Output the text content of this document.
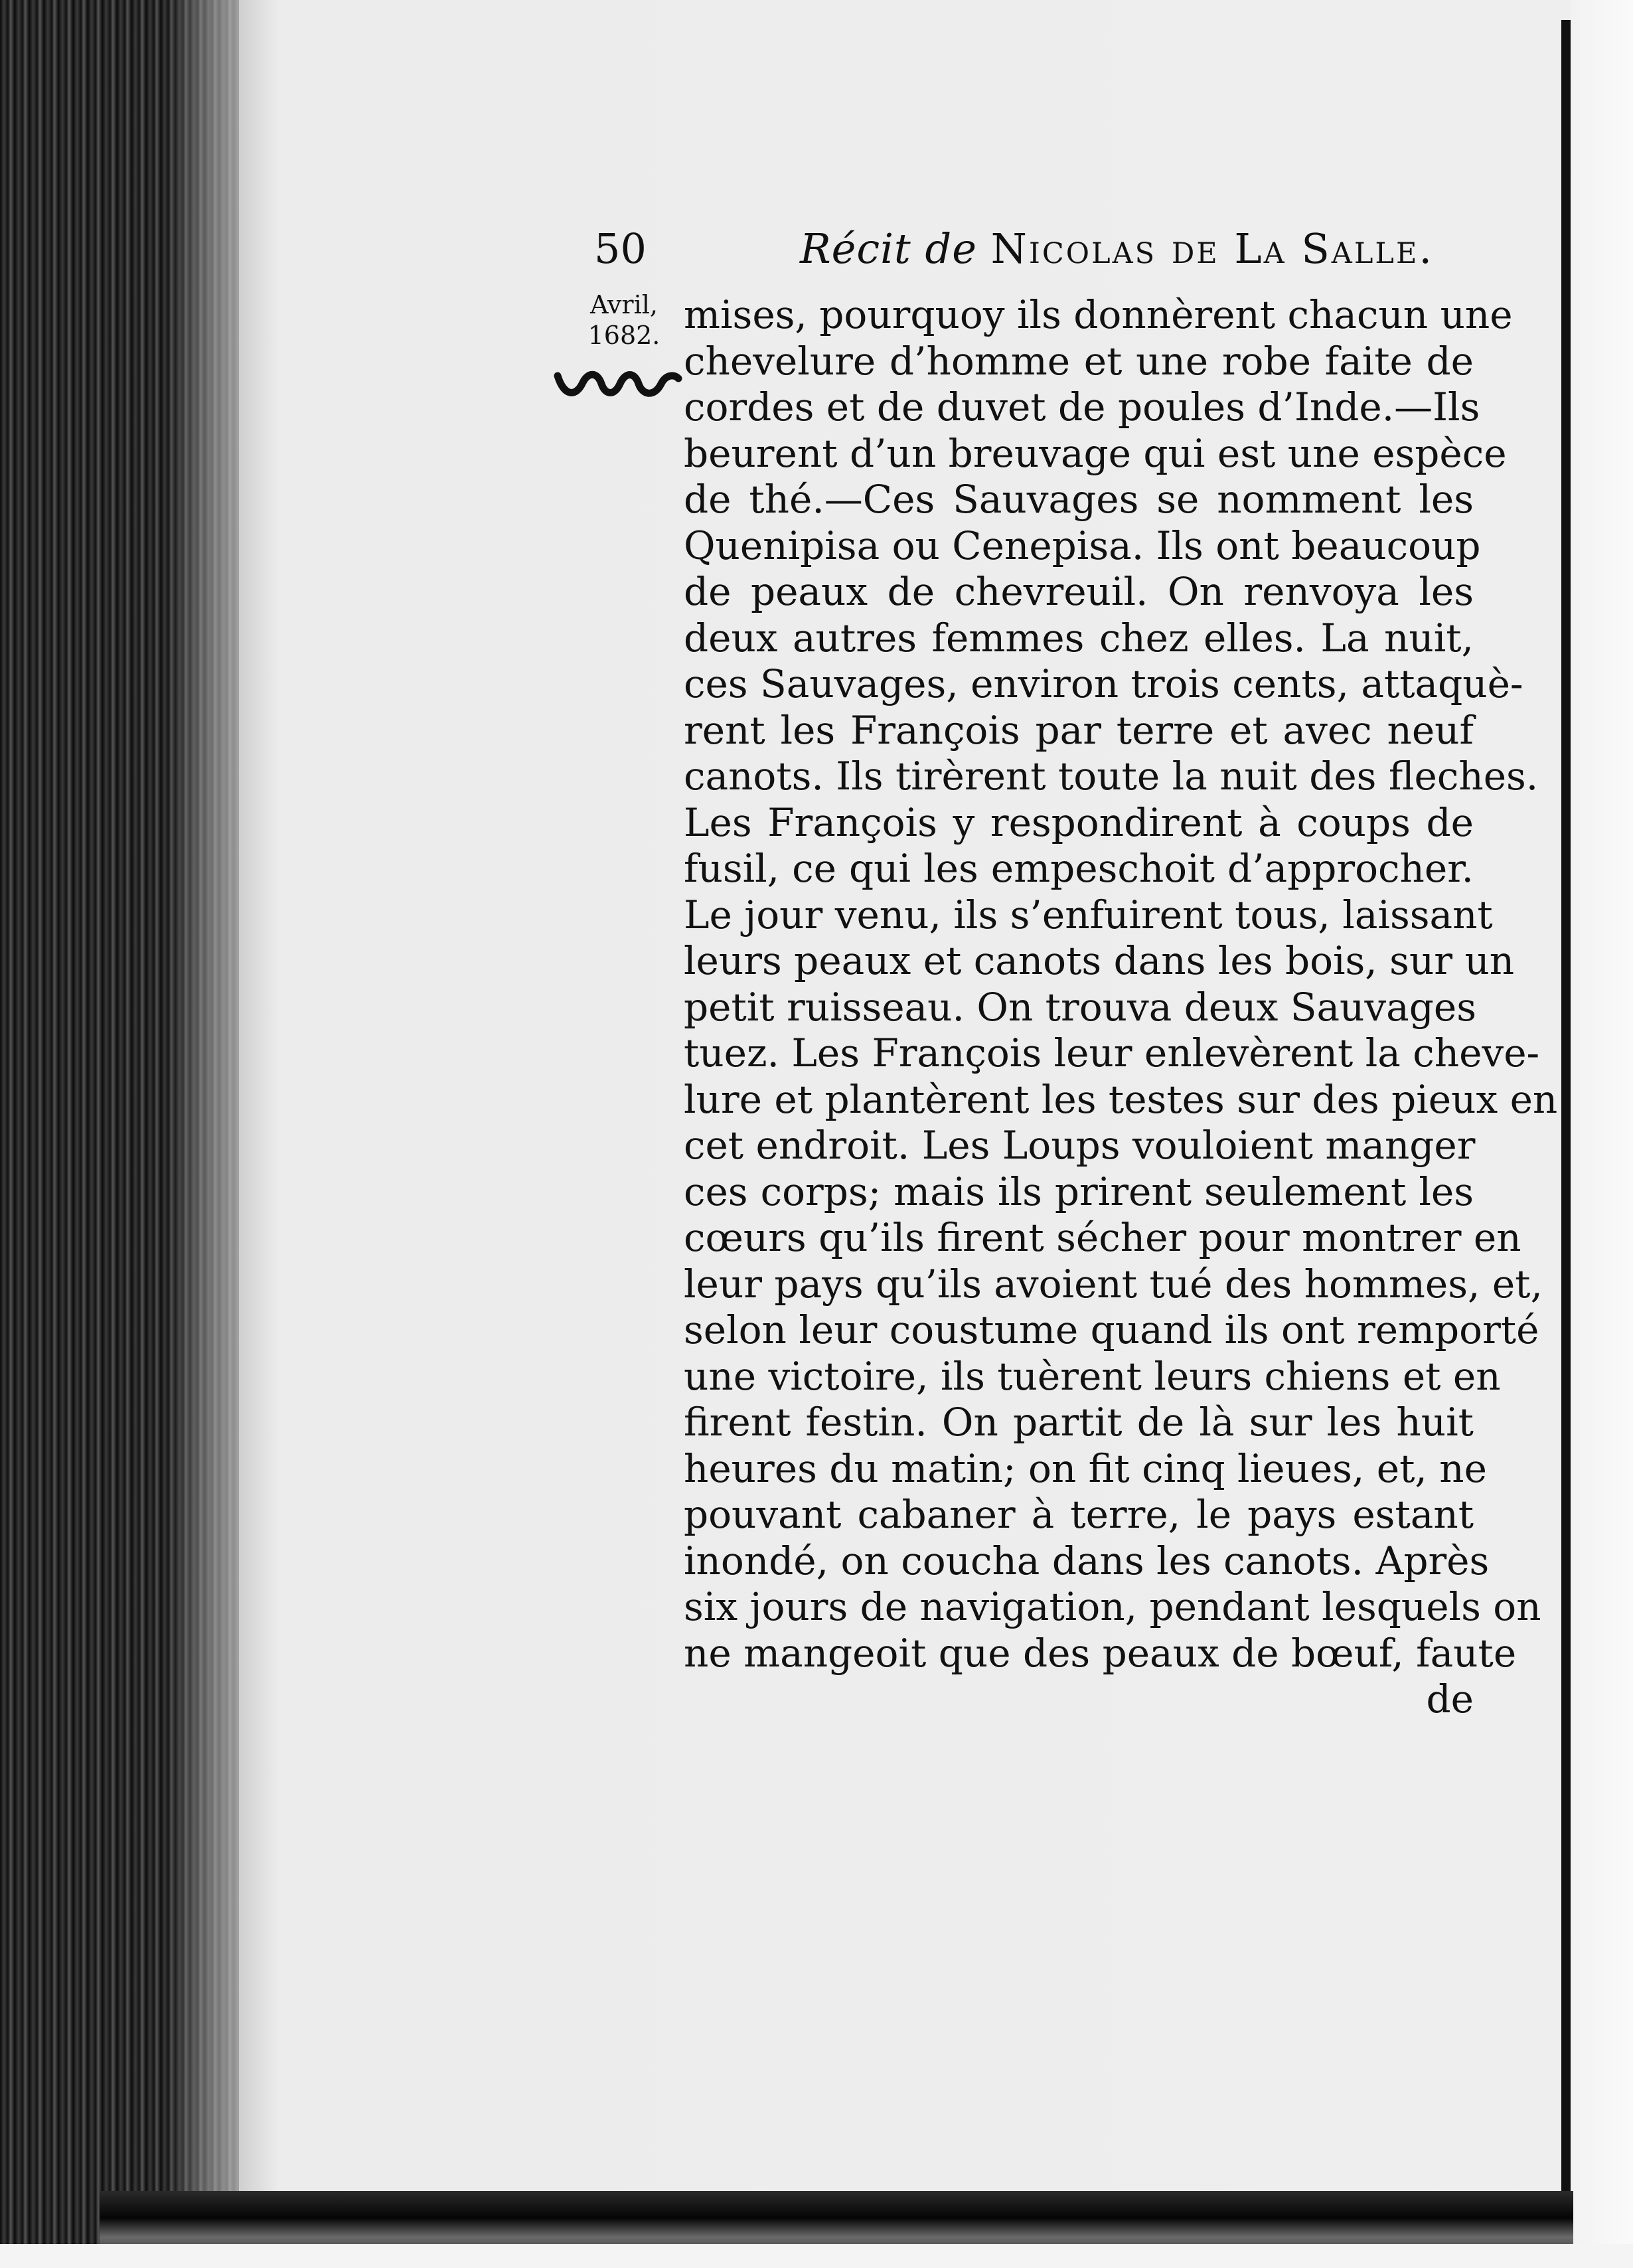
50	Récit de Nicolas de La Salle.
Avril,
1682. mises, pourquoy ils donnèrent chacun une
chevelure d’homme et une robe faite de
cordes et de duvet de poules d’Inde.—Ils
beurent d’un breuvage qui est une espèce
de thé.—Ces Sauvages se nomment les
Quenipisa ou Cenepisa. Ils ont beaucoup
de peaux de chevreuil. On renvoya les
deux autres femmes chez elles. La nuit,
ces Sauvages, environ trois cents, attaquè-
rent les François par terre et avec neuf
canots. Ils tirèrent toute la nuit des fleches.
Les François y respondirent à coups de
fusil, ce qui les empeschoit d’approcher.
Le jour venu, ils s’enfuirent tous, laissant
leurs peaux et canots dans les bois, sur un
petit ruisseau. On trouva deux Sauvages
tuez. Les François leur enlevèrent la cheve-
lure et plantèrent les testes sur des pieux en
cet endroit. Les Loups vouloient manger
ces corps; mais ils prirent seulement les
cœurs qu’ils firent sécher pour montrer en
leur pays qu’ils avoient tué des hommes, et,
selon leur coustume quand ils ont remporté
une victoire, ils tuèrent leurs chiens et en
firent festin. On partit de là sur les huit
heures du matin; on fit cinq lieues, et, ne
pouvant cabaner à terre, le pays estant
inondé, on coucha dans les canots. Après
six jours de navigation, pendant lesquels on
ne mangeoit que des peaux de bœuf, faute
de
